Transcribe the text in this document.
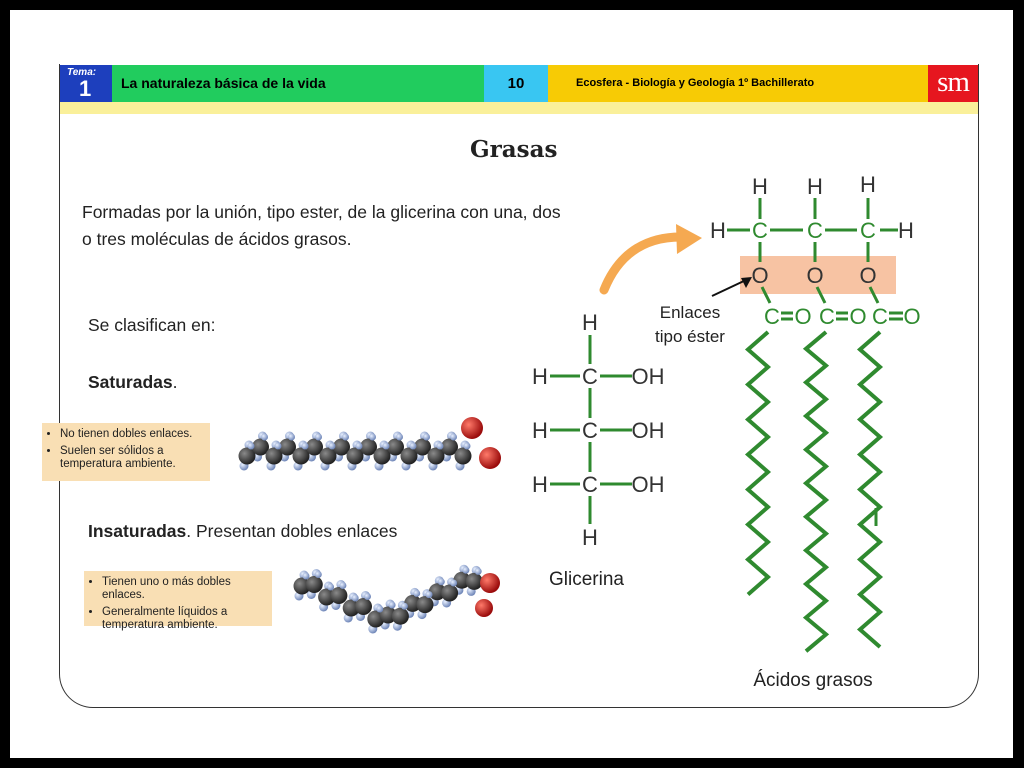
Tema:
1	La naturaleza básica de la vida	10	Ecosfera - Biología y Geología 1º Bachillerato	sm
Grasas
Formadas por la unión, tipo ester, de la glicerina con una, dos
o tres moléculas de ácidos grasos.
Se clasifican en:
Saturadas.
• No tienen dobles enlaces.
• Suelen ser sólidos a temperatura ambiente.
Insaturadas. Presentan dobles enlaces
• Tienen uno o más dobles enlaces.
• Generalmente líquidos a temperatura ambiente.
H
H C OH
H C OH
H C OH
H
Glicerina
H H H
H	H
C C C
O O O
C O C O C O
Enlaces
tipo éster
Ácidos grasos
